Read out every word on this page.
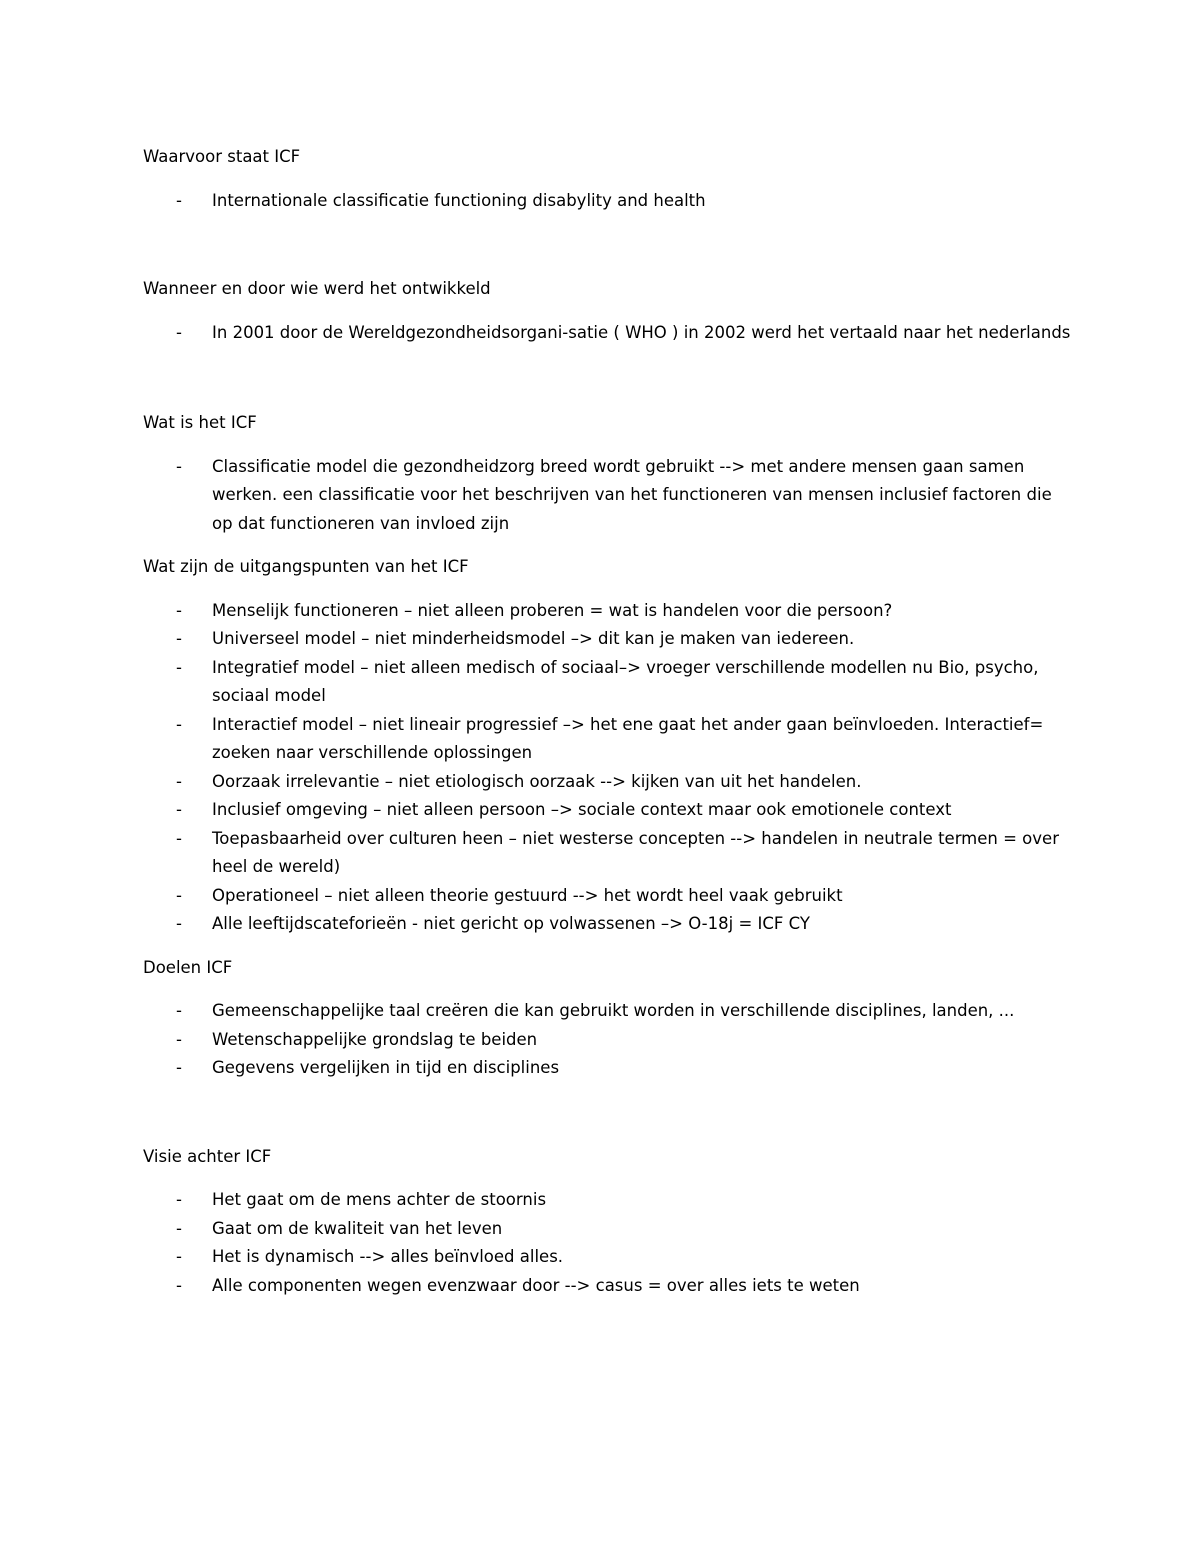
Waarvoor staat ICF

- Internationale classificatie functioning disabylity and health

Wanneer en door wie werd het ontwikkeld

- In 2001 door de Wereldgezondheidsorgani-satie ( WHO ) in 2002 werd het vertaald naar het nederlands

Wat is het ICF

- Classificatie model die gezondheidzorg breed wordt gebruikt --> met andere mensen gaan samen werken. een classificatie voor het beschrijven van het functioneren van mensen inclusief factoren die op dat functioneren van invloed zijn

Wat zijn de uitgangspunten van het ICF

- Menselijk functioneren – niet alleen proberen = wat is handelen voor die persoon?
- Universeel model – niet minderheidsmodel –> dit kan je maken van iedereen.
- Integratief model – niet alleen medisch of sociaal–> vroeger verschillende modellen nu Bio, psycho, sociaal model
- Interactief model – niet lineair progressief –> het ene gaat het ander gaan beïnvloeden. Interactief= zoeken naar verschillende oplossingen
- Oorzaak irrelevantie – niet etiologisch oorzaak --> kijken van uit het handelen.
- Inclusief omgeving – niet alleen persoon –> sociale context maar ook emotionele context
- Toepasbaarheid over culturen heen – niet westerse concepten --> handelen in neutrale termen = over heel de wereld)
- Operationeel – niet alleen theorie gestuurd --> het wordt heel vaak gebruikt
- Alle leeftijdscateforieën - niet gericht op volwassenen –> O-18j = ICF CY

Doelen ICF

- Gemeenschappelijke taal creëren die kan gebruikt worden in verschillende disciplines, landen, ...
- Wetenschappelijke grondslag te beiden
- Gegevens vergelijken in tijd en disciplines

Visie achter ICF

- Het gaat om de mens achter de stoornis
- Gaat om de kwaliteit van het leven
- Het is dynamisch --> alles beïnvloed alles.
- Alle componenten wegen evenzwaar door --> casus = over alles iets te weten
